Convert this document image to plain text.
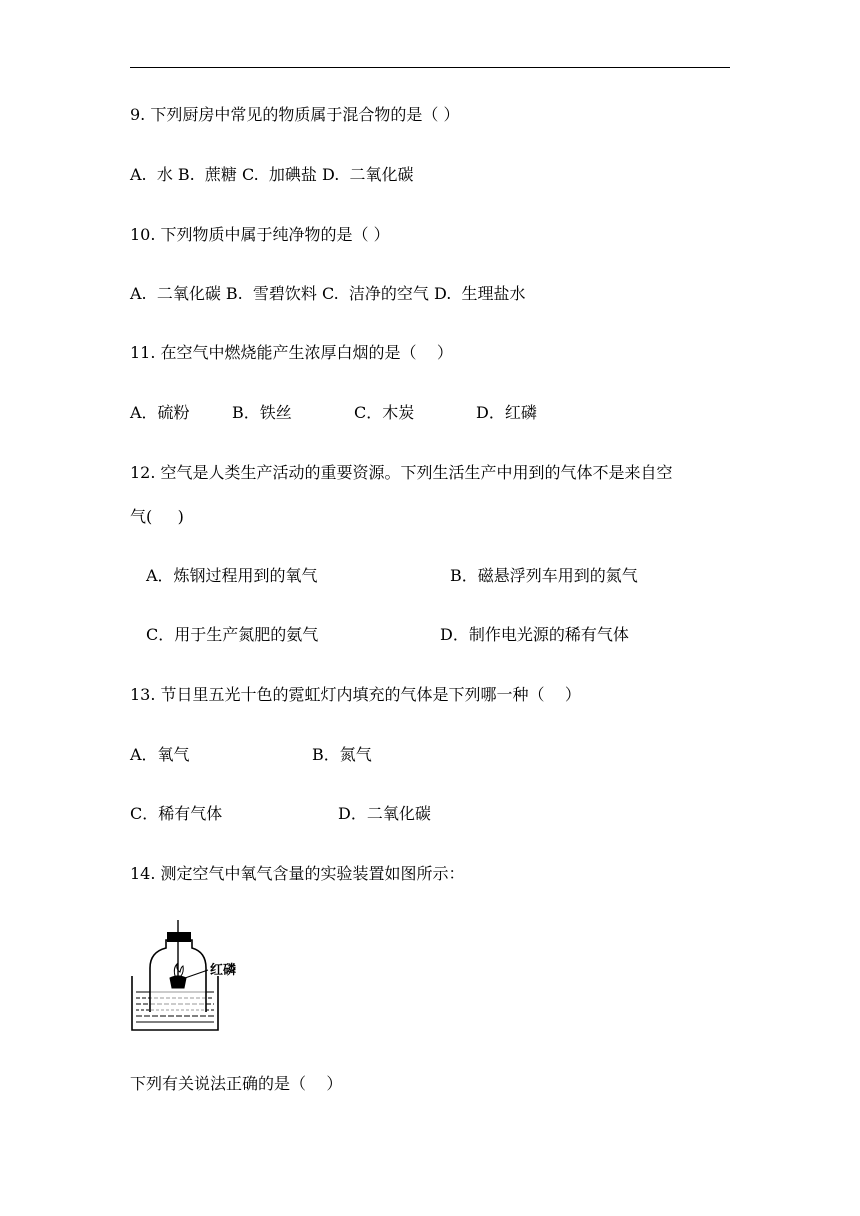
9. 下列厨房中常见的物质属于混合物的是（ ）
A.  水 B.  蔗糖 C.  加碘盐 D.  二氧化碳
10. 下列物质中属于纯净物的是（ ）
A.  二氧化碳 B.  雪碧饮料 C.  洁净的空气 D.  生理盐水
11. 在空气中燃烧能产生浓厚白烟的是（    ）
A．硫粉	B．铁丝	C．木炭	D．红磷
12. 空气是人类生产活动的重要资源。下列生活生产中用到的气体不是来自空
气(     )
A．炼钢过程用到的氧气	B．磁悬浮列车用到的氮气
C．用于生产氮肥的氨气	D．制作电光源的稀有气体
13. 节日里五光十色的霓虹灯内填充的气体是下列哪一种（    ）
A．氧气	B．氮气
C．稀有气体	D．二氧化碳
14. 测定空气中氧气含量的实验装置如图所示：
红磷
下列有关说法正确的是（    ）
